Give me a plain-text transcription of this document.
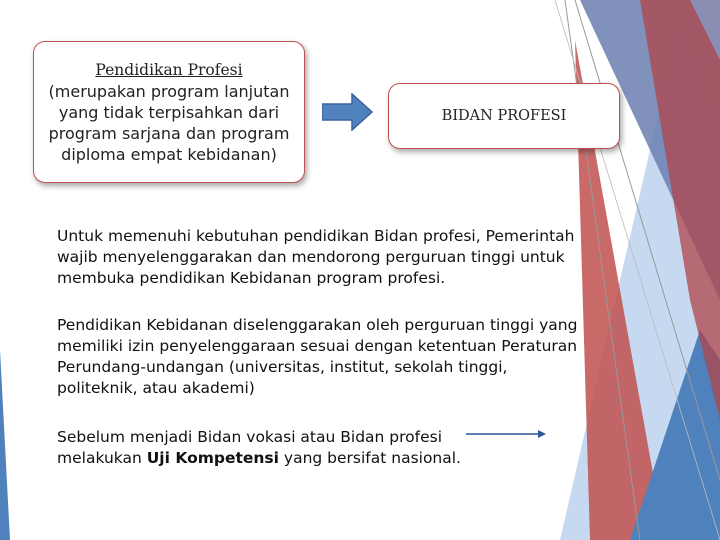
Pendidikan Profesi
(merupakan program lanjutan
yang tidak terpisahkan dari
program sarjana dan program
diploma empat kebidanan)
BIDAN PROFESI
Untuk memenuhi kebutuhan pendidikan Bidan profesi, Pemerintah
wajib menyelenggarakan dan mendorong perguruan tinggi untuk
membuka pendidikan Kebidanan program profesi.
Pendidikan Kebidanan diselenggarakan oleh perguruan tinggi yang
memiliki izin penyelenggaraan sesuai dengan ketentuan Peraturan
Perundang-undangan (universitas, institut, sekolah tinggi,
politeknik, atau akademi)
Sebelum menjadi Bidan vokasi atau Bidan profesi
melakukan Uji Kompetensi yang bersifat nasional.
